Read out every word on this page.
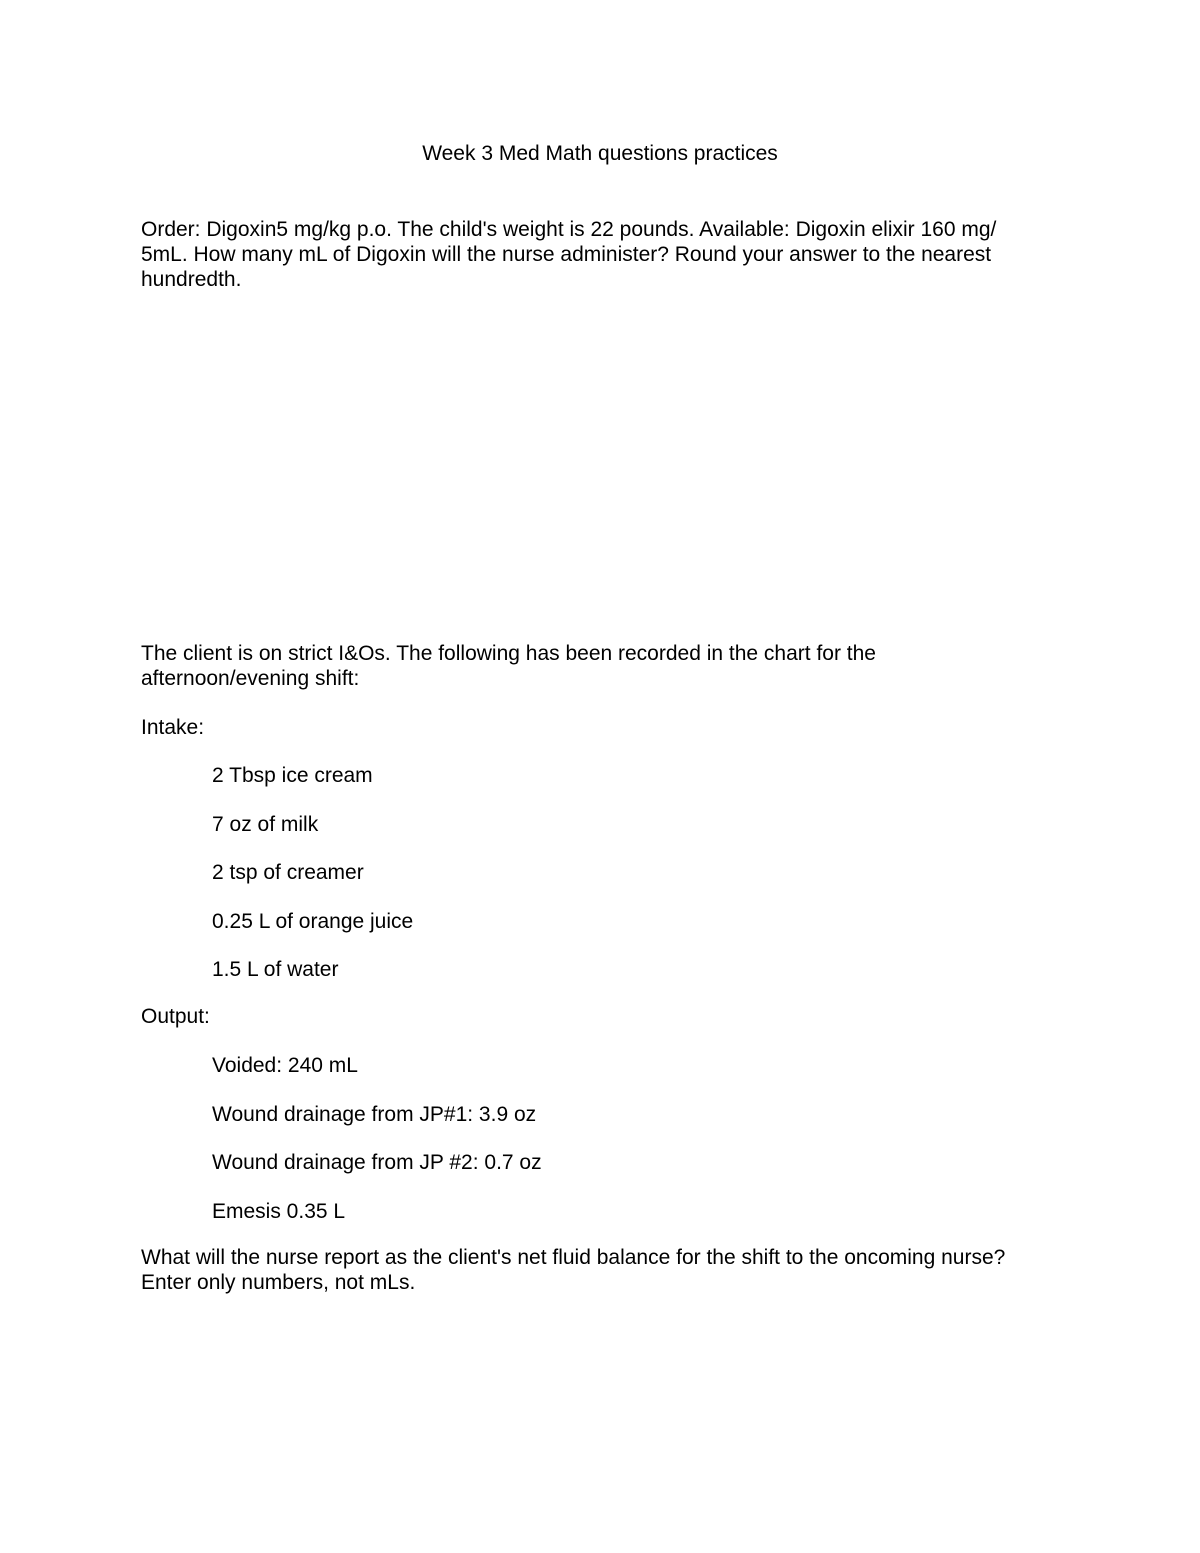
Week 3 Med Math questions practices

Order: Digoxin5 mg/kg p.o. The child's weight is 22 pounds. Available: Digoxin elixir 160 mg/ 5mL. How many mL of Digoxin will the nurse administer? Round your answer to the nearest hundredth.

The client is on strict I&Os. The following has been recorded in the chart for the afternoon/evening shift:

Intake:

2 Tbsp ice cream
7 oz of milk
2 tsp of creamer
0.25 L of orange juice
1.5 L of water

Output:

Voided: 240 mL
Wound drainage from JP#1: 3.9 oz
Wound drainage from JP #2: 0.7 oz
Emesis 0.35 L

What will the nurse report as the client's net fluid balance for the shift to the oncoming nurse? Enter only numbers, not mLs.
